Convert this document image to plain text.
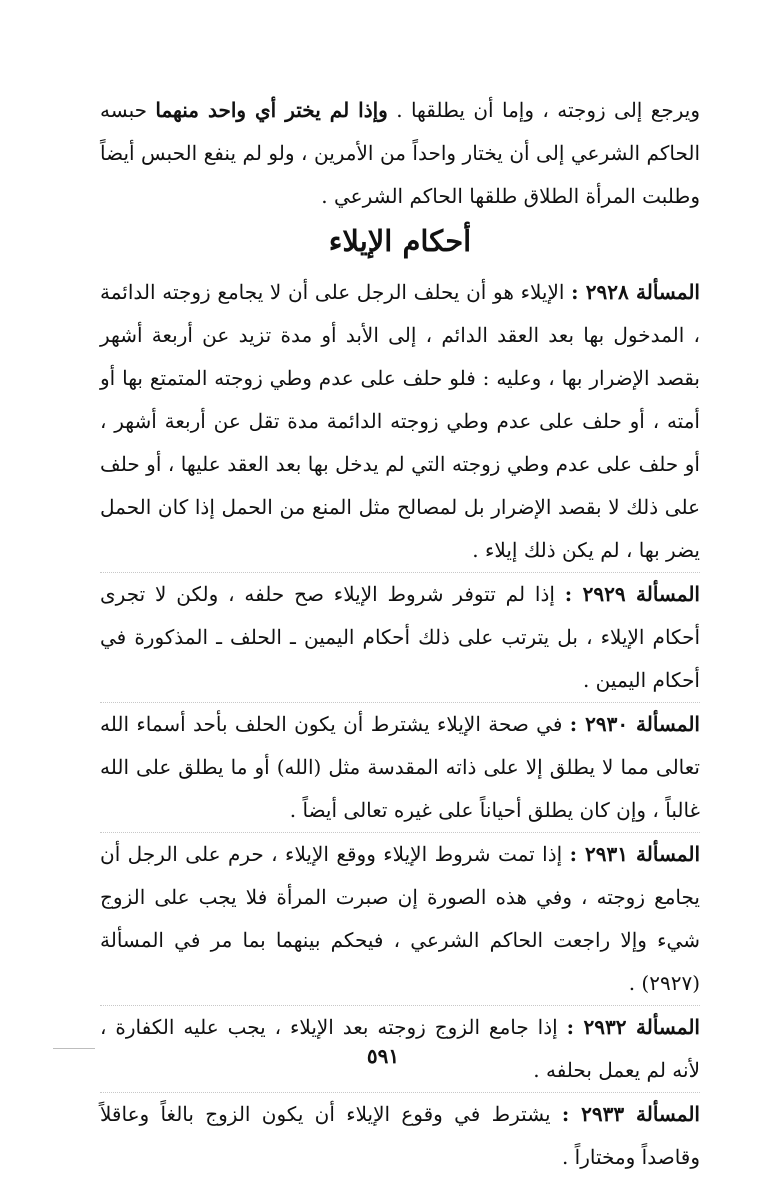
ويرجع إلى زوجته ، وإما أن يطلقها . وإذا لم يختر أي واحد منهما حبسه الحاكم الشرعي إلى أن يختار واحداً من الأمرين ، ولو لم ينفع الحبس أيضاً وطلبت المرأة الطلاق طلقها الحاكم الشرعي .
أحكام الإيلاء

المسألة ٢٩٢٨ : الإيلاء هو أن يحلف الرجل على أن لا يجامع زوجته الدائمة ، المدخول بها بعد العقد الدائم ، إلى الأبد أو مدة تزيد عن أربعة أشهر بقصد الإضرار بها ، وعليه : فلو حلف على عدم وطي زوجته المتمتع بها أو أمته ، أو حلف على عدم وطي زوجته الدائمة مدة تقل عن أربعة أشهر ، أو حلف على عدم وطي زوجته التي لم يدخل بها بعد العقد عليها ، أو حلف على ذلك لا بقصد الإضرار بل لمصالح مثل المنع من الحمل إذا كان الحمل يضر بها ، لم يكن ذلك إيلاء .

المسألة ٢٩٢٩ : إذا لم تتوفر شروط الإيلاء صح حلفه ، ولكن لا تجرى أحكام الإيلاء ، بل يترتب على ذلك أحكام اليمين ـ الحلف ـ المذكورة في أحكام اليمين .

المسألة ٢٩٣٠ : في صحة الإيلاء يشترط أن يكون الحلف بأحد أسماء الله تعالى مما لا يطلق إلا على ذاته المقدسة مثل (الله) أو ما يطلق على الله غالباً ، وإن كان يطلق أحياناً على غيره تعالى أيضاً .

المسألة ٢٩٣١ : إذا تمت شروط الإيلاء ووقع الإيلاء ، حرم على الرجل أن يجامع زوجته ، وفي هذه الصورة إن صبرت المرأة فلا يجب على الزوج شيء وإلا راجعت الحاكم الشرعي ، فيحكم بينهما بما مر في المسألة (٢٩٢٧) .

المسألة ٢٩٣٢ : إذا جامع الزوج زوجته بعد الإيلاء ، يجب عليه الكفارة ، لأنه لم يعمل بحلفه .

المسألة ٢٩٣٣ : يشترط في وقوع الإيلاء أن يكون الزوج بالغاً وعاقلاً وقاصداً ومختاراً .

٥٩١
